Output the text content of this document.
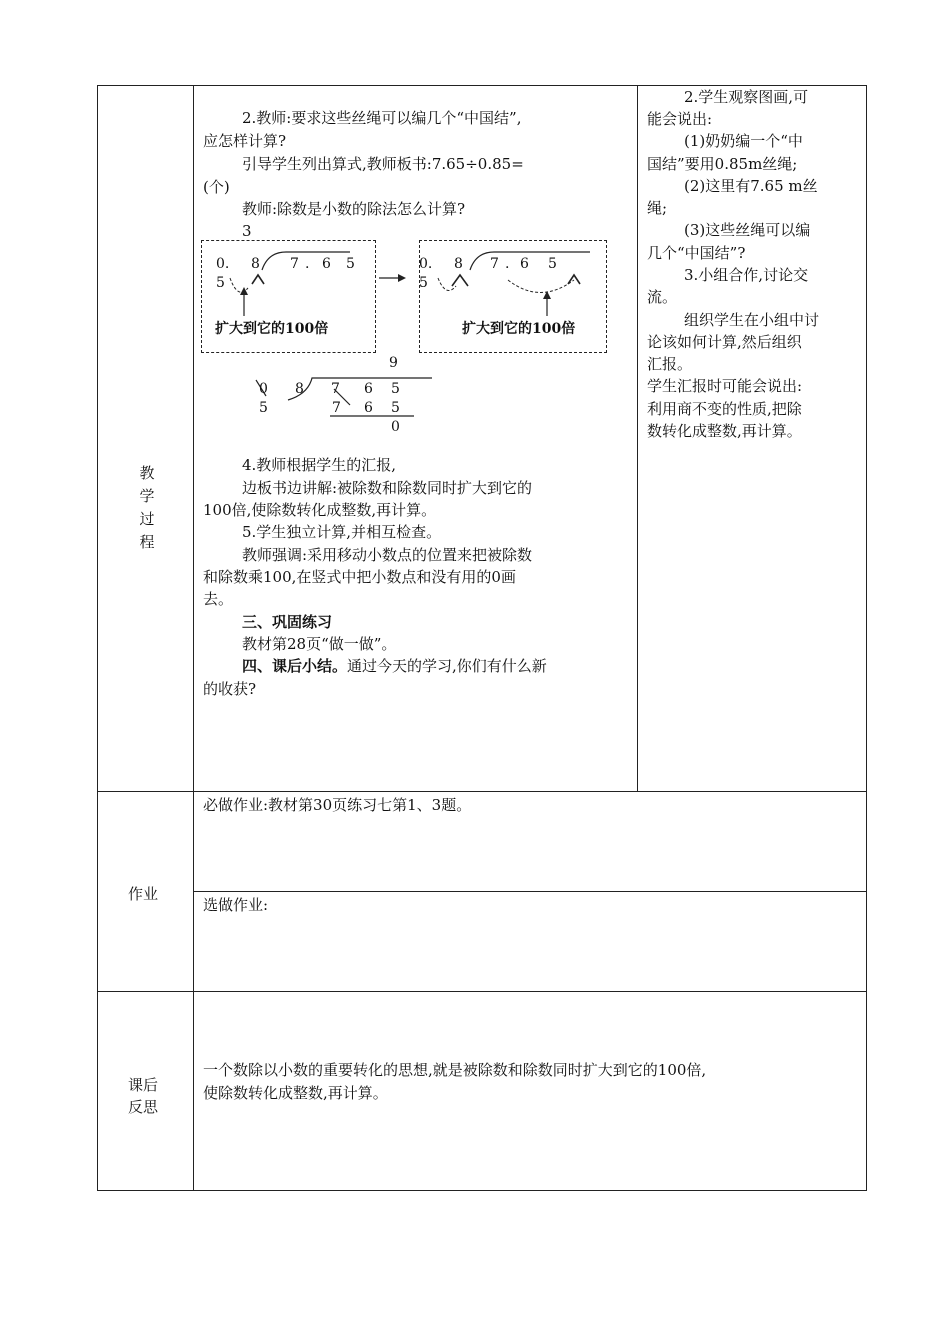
教
学
过
程
作业
课后
反思
2.教师:要求这些丝绳可以编几个“中国结”,
应怎样计算?
引导学生列出算式,教师板书:7.65÷0.85=
(个)
教师:除数是小数的除法怎么计算?
3
0. 8
5
7 . 6 5
扩大到它的100倍
0. 8
5
7 . 6 5
扩大到它的100倍
9
0 8
5
7 6 5
7 6 5
0
4.教师根据学生的汇报,
边板书边讲解:被除数和除数同时扩大到它的
100倍,使除数转化成整数,再计算。
5.学生独立计算,并相互检查。
教师强调:采用移动小数点的位置来把被除数
和除数乘100,在竖式中把小数点和没有用的0画
去。
三、巩固练习
教材第28页“做一做”。
四、课后小结。通过今天的学习,你们有什么新
的收获?
2.学生观察图画,可
能会说出:
(1)奶奶编一个“中
国结”要用0.85m丝绳;
(2)这里有7.65 m丝
绳;
(3)这些丝绳可以编
几个“中国结”?
3.小组合作,讨论交
流。
组织学生在小组中讨
论该如何计算,然后组织
汇报。
学生汇报时可能会说出:
利用商不变的性质,把除
数转化成整数,再计算。
必做作业:教材第30页练习七第1、3题。
选做作业:
一个数除以小数的重要转化的思想,就是被除数和除数同时扩大到它的100倍,
使除数转化成整数,再计算。
